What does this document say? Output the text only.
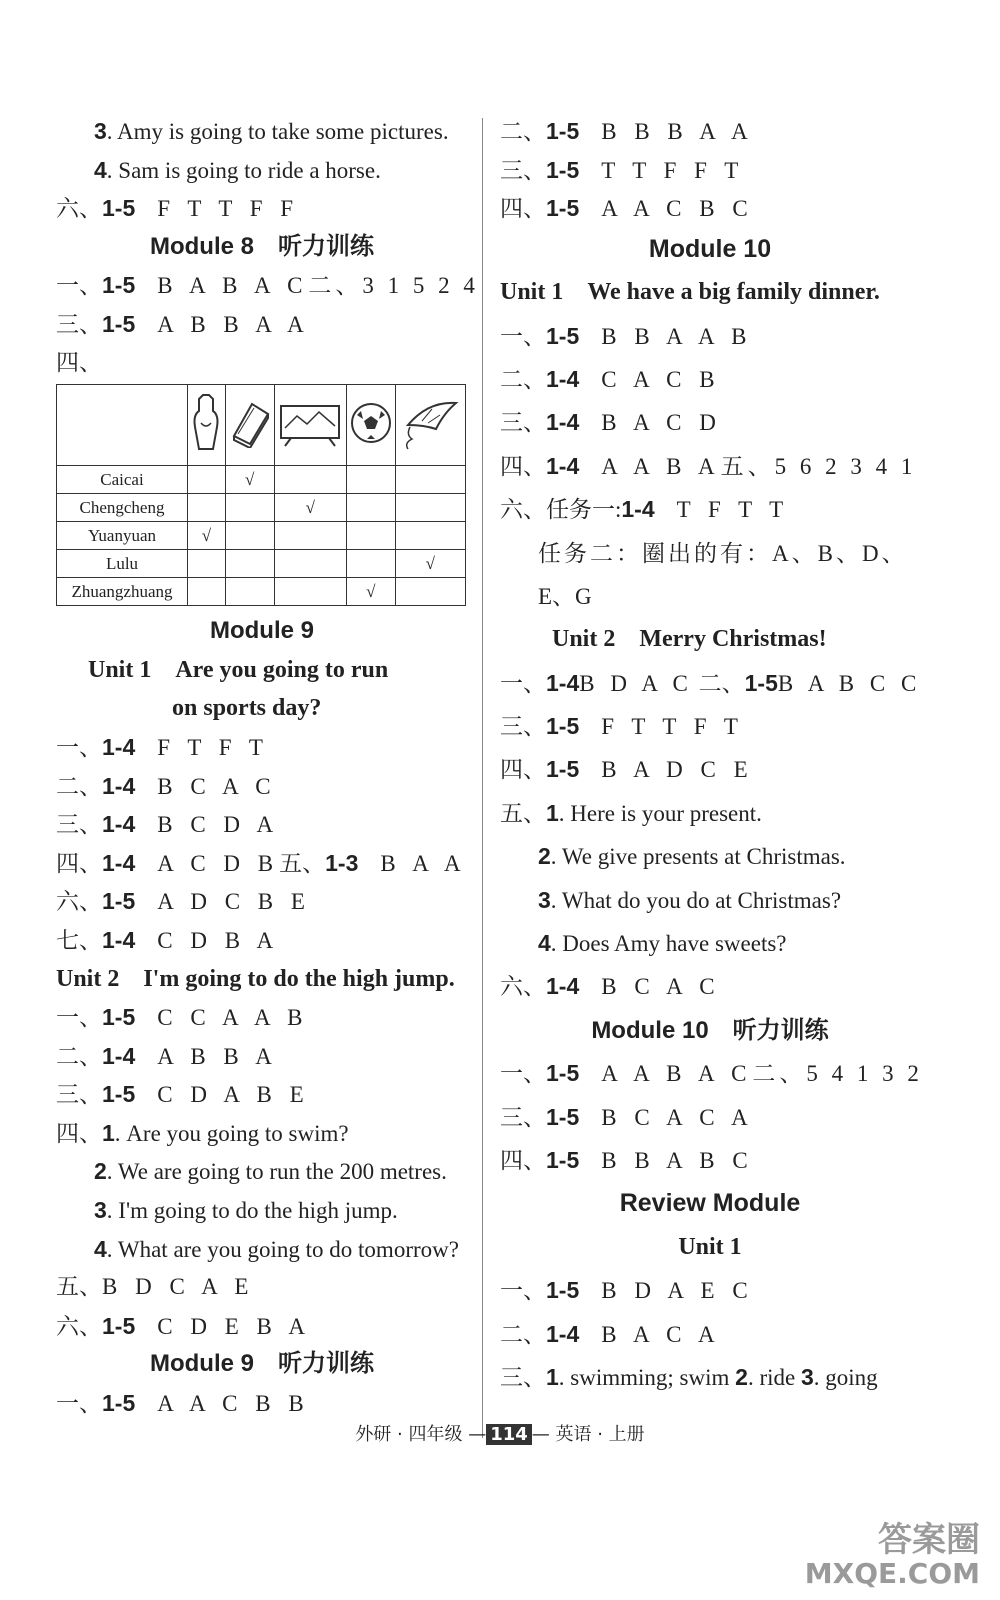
3. Amy is going to take some pictures.
4. Sam is going to ride a horse.
六、1-5 F T T F F
Module 8　听力训练
一、1-5 B A B A C二、3 1 5 2 4
三、1-5 A B B A A
四、

Caicai		√			
Chengcheng			√		
Yuanyuan	√				
Lulu					√
Zhuangzhuang				√	
Module 9
Unit 1　Are you going to run
on sports day?
一、1-4 F T F T
二、1-4 B C A C
三、1-4 B C D A
四、1-4 A C D B五、1-3 B A A
六、1-5 A D C B E
七、1-4 C D B A
Unit 2　I'm going to do the high jump.
一、1-5 C C A A B
二、1-4 A B B A
三、1-5 C D A B E
四、1. Are you going to swim?
2. We are going to run the 200 metres.
3. I'm going to do the high jump.
4. What are you going to do tomorrow?
五、B D C A E
六、1-5 C D E B A
Module 9　听力训练
一、1-5 A A C B B
二、1-5 B B B A A
三、1-5 T T F F T
四、1-5 A A C B C
Module 10
Unit 1　We have a big family dinner.
一、1-5 B B A A B
二、1-4 C A C B
三、1-4 B A C D
四、1-4 A A B A五、5 6 2 3 4 1
六、任务一:1-4 T F T T
任务二：圈出的有：A、B、D、
E、G
Unit 2　Merry Christmas!
一、1-4B D A C 二、1-5B A B C C
三、1-5 F T T F T
四、1-5 B A D C E
五、1. Here is your present.
2. We give presents at Christmas.
3. What do you do at Christmas?
4. Does Amy have sweets?
六、1-4 B C A C
Module 10　听力训练
一、1-5 A A B A C二、5 4 1 3 2
三、1-5 B C A C A
四、1-5 B B A B C
Review Module
Unit 1
一、1-5 B D A E C
二、1-4 B A C A
三、1. swimming; swim 2. ride 3. going
外研 · 四年级 — 114 — 英语 · 上册
答案圈
MXQE.COM
